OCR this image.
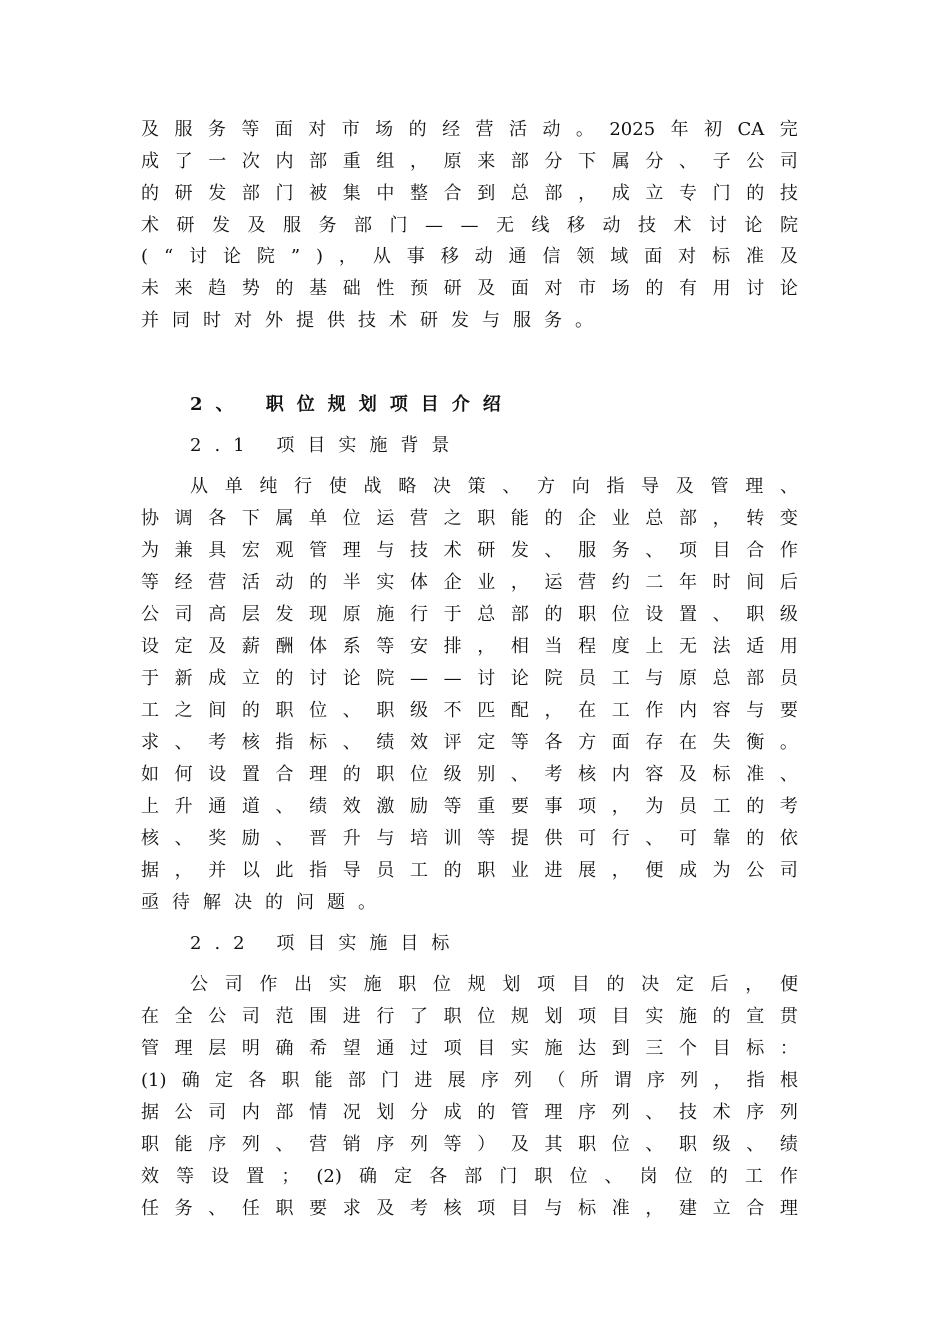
及 服 务 等 面 对 市 场 的 经 营 活 动 。 2025 年 初 CA 完
成 了 一 次 内 部 重 组 ， 原 来 部 分 下 属 分 、 子 公 司
的 研 发 部 门 被 集 中 整 合 到 总 部 ， 成 立 专 门 的 技
术 研 发 及 服 务 部 门 — — 无 线 移 动 技 术 讨 论 院
( “ 讨 论 院 ” ) ， 从 事 移 动 通 信 领 域 面 对 标 准 及
未 来 趋 势 的 基 础 性 预 研 及 面 对 市 场 的 有 用 讨 论
并 同 时 对 外 提 供 技 术 研 发 与 服 务 。
2、 职位规划项目介绍
2.1 项目实施背景
从 单 纯 行 使 战 略 决 策 、 方 向 指 导 及 管 理 、
协 调 各 下 属 单 位 运 营 之 职 能 的 企 业 总 部 ， 转 变
为 兼 具 宏 观 管 理 与 技 术 研 发 、 服 务 、 项 目 合 作
等 经 营 活 动 的 半 实 体 企 业 ， 运 营 约 二 年 时 间 后
公 司 高 层 发 现 原 施 行 于 总 部 的 职 位 设 置 、 职 级
设 定 及 薪 酬 体 系 等 安 排 ， 相 当 程 度 上 无 法 适 用
于 新 成 立 的 讨 论 院 — — 讨 论 院 员 工 与 原 总 部 员
工 之 间 的 职 位 、 职 级 不 匹 配 ， 在 工 作 内 容 与 要
求 、 考 核 指 标 、 绩 效 评 定 等 各 方 面 存 在 失 衡 。
如 何 设 置 合 理 的 职 位 级 别 、 考 核 内 容 及 标 准 、
上 升 通 道 、 绩 效 激 励 等 重 要 事 项 ， 为 员 工 的 考
核 、 奖 励 、 晋 升 与 培 训 等 提 供 可 行 、 可 靠 的 依
据 ， 并 以 此 指 导 员 工 的 职 业 进 展 ， 便 成 为 公 司
亟 待 解 决 的 问 题 。
2.2 项目实施目标
公 司 作 出 实 施 职 位 规 划 项 目 的 决 定 后 ， 便
在 全 公 司 范 围 进 行 了 职 位 规 划 项 目 实 施 的 宣 贯
管 理 层 明 确 希 望 通 过 项 目 实 施 达 到 三 个 目 标 ：
(1) 确 定 各 职 能 部 门 进 展 序 列 （ 所 谓 序 列 ， 指 根
据 公 司 内 部 情 况 划 分 成 的 管 理 序 列 、 技 术 序 列
职 能 序 列 、 营 销 序 列 等 ） 及 其 职 位 、 职 级 、 绩
效 等 设 置 ； (2) 确 定 各 部 门 职 位 、 岗 位 的 工 作
任 务 、 任 职 要 求 及 考 核 项 目 与 标 准 ， 建 立 合 理
